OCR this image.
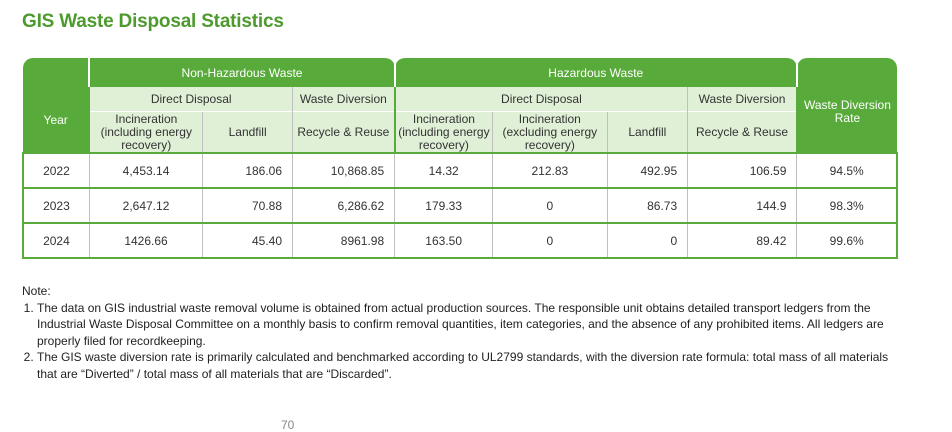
GIS Waste Disposal Statistics
	Non-Hazardous Waste			Hazardous Waste				
Year	Direct Disposal		Waste Diversion	Direct Disposal			Waste Diversion	Waste Diversion Rate
	Incineration (including energy recovery)	Landfill	Recycle & Reuse	Incineration (including energy recovery)	Incineration (excluding energy recovery)	Landfill	Recycle & Reuse	
2022	4,453.14	186.06	10,868.85	14.32	212.83	492.95	106.59	94.5%
2023	2,647.12	70.88	6,286.62	179.33	0	86.73	144.9	98.3%
2024	1426.66	45.40	8961.98	163.50	0	0	89.42	99.6%
Note:
1. The data on GIS industrial waste removal volume is obtained from actual production sources. The responsible unit obtains detailed transport ledgers from the Industrial Waste Disposal Committee on a monthly basis to confirm removal quantities, item categories, and the absence of any prohibited items. All ledgers are properly filed for recordkeeping.
2. The GIS waste diversion rate is primarily calculated and benchmarked according to UL2799 standards, with the diversion rate formula: total mass of all materials that are “Diverted” / total mass of all materials that are “Discarded”.
70
